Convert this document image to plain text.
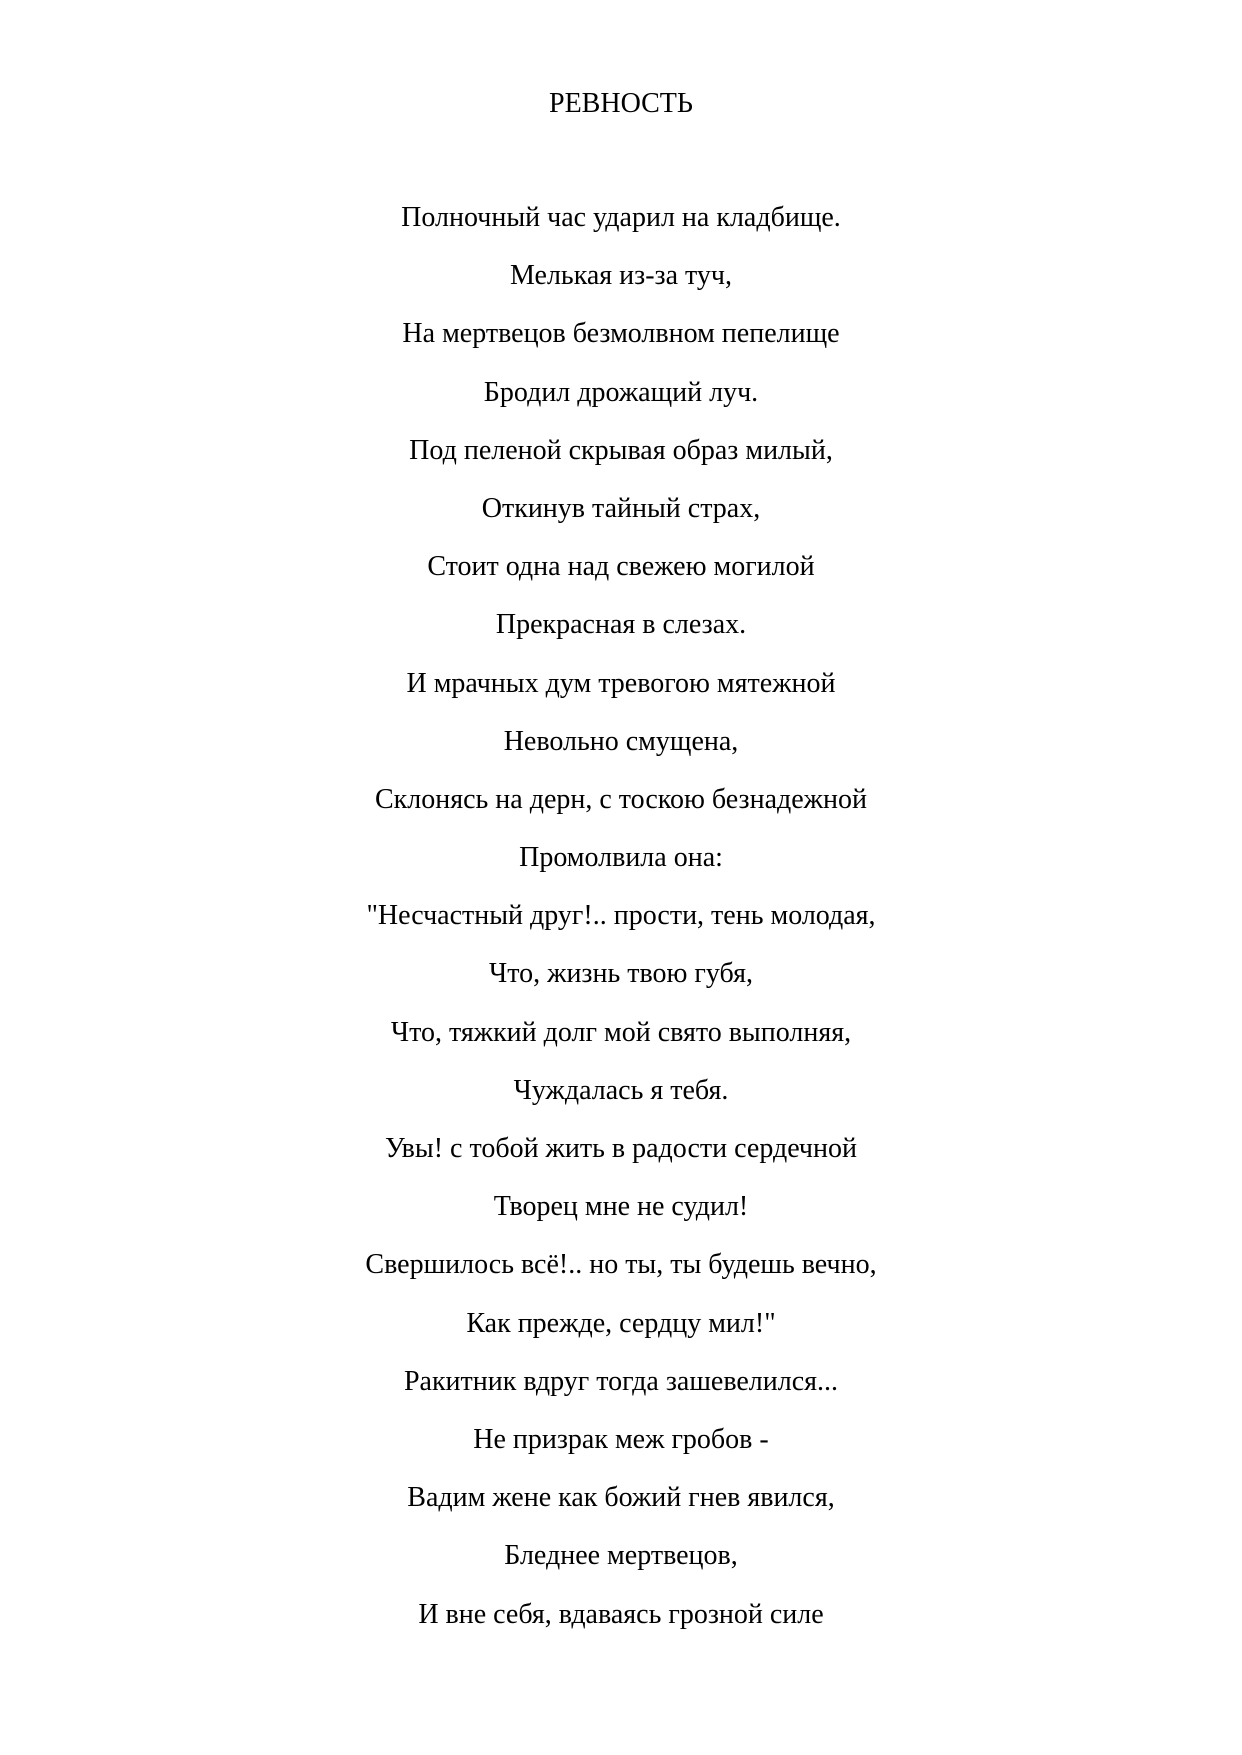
РЕВНОСТЬ
Полночный час ударил на кладбище.
Мелькая из-за туч,
На мертвецов безмолвном пепелище
Бродил дрожащий луч.
Под пеленой скрывая образ милый,
Откинув тайный страх,
Стоит одна над свежею могилой
Прекрасная в слезах.
И мрачных дум тревогою мятежной
Невольно смущена,
Склонясь на дерн, с тоскою безнадежной
Промолвила она:
"Несчастный друг!.. прости, тень молодая,
Что, жизнь твою губя,
Что, тяжкий долг мой свято выполняя,
Чуждалась я тебя.
Увы! с тобой жить в радости сердечной
Творец мне не судил!
Свершилось всё!.. но ты, ты будешь вечно,
Как прежде, сердцу мил!"
Ракитник вдруг тогда зашевелился...
Не призрак меж гробов -
Вадим жене как божий гнев явился,
Бледнее мертвецов,
И вне себя, вдаваясь грозной силе
